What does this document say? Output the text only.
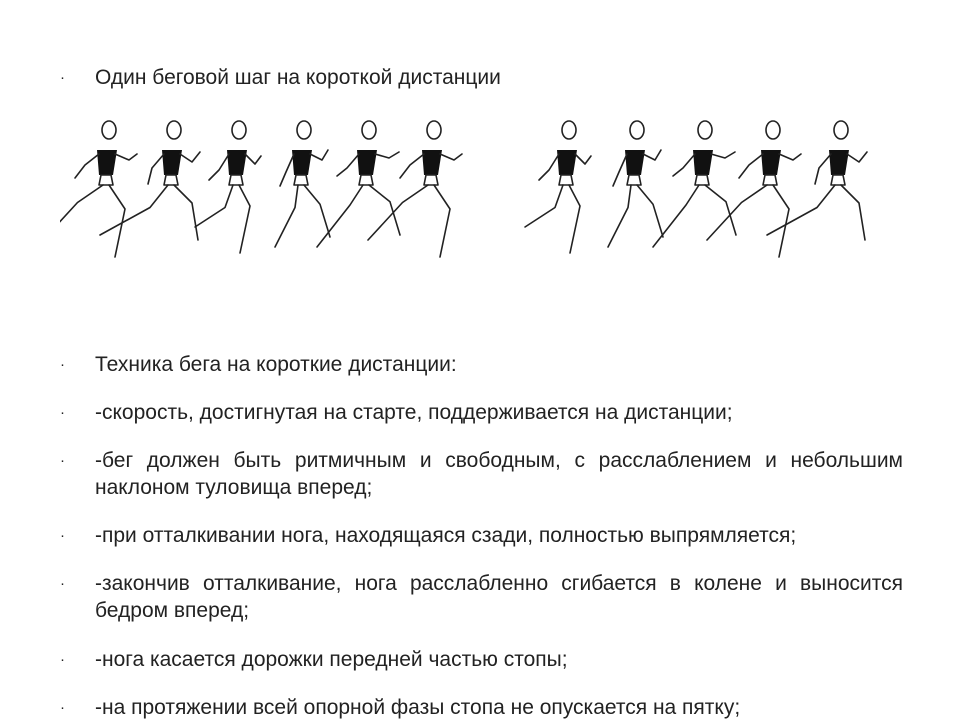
· Один беговой шаг на короткой дистанции

· Техника бега на короткие дистанции:

· -скорость, достигнутая на старте, поддерживается на дистанции;

· -бег должен быть ритмичным и свободным, с расслаблением и небольшим наклоном туловища вперед;

· -при отталкивании нога, находящаяся сзади, полностью выпрямляется;

· -закончив отталкивание, нога расслабленно сгибается в колене и выносится бедром вперед;

· -нога касается дорожки передней частью стопы;

· -на протяжении всей опорной фазы стопа не опускается на пятку;
